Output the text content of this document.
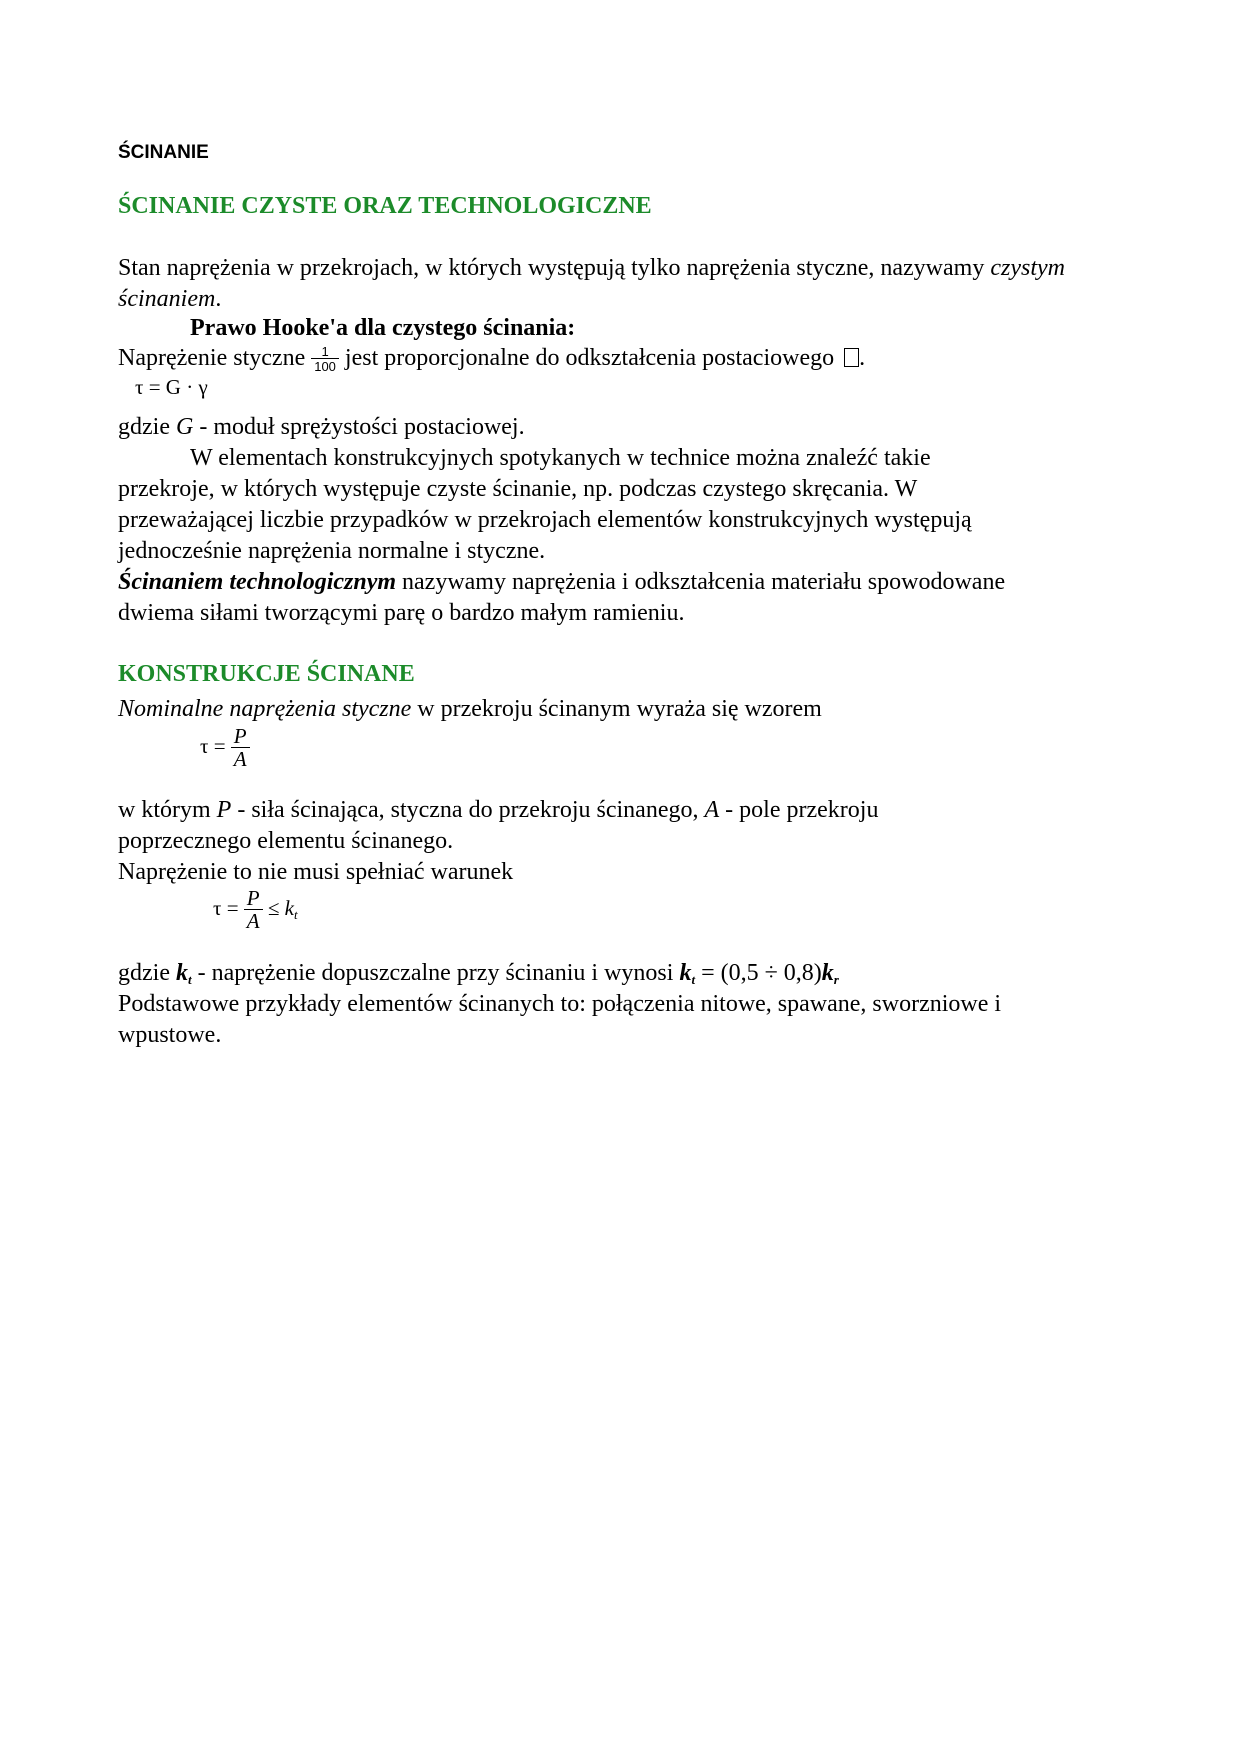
ŚCINANIE
ŚCINANIE CZYSTE ORAZ TECHNOLOGICZNE
Stan naprężenia w przekrojach, w których występują tylko naprężenia styczne, nazywamy czystym
ścinaniem.
Prawo Hooke'a dla czystego ścinania:
Naprężenie styczne $\frac{1}{100}$ jest proporcjonalne do odkształcenia postaciowego .
τ = G · γ
gdzie G - moduł sprężystości postaciowej.
W elementach konstrukcyjnych spotykanych w technice można znaleźć takie
przekroje, w których występuje czyste ścinanie, np. podczas czystego skręcania. W
przeważającej liczbie przypadków w przekrojach elementów konstrukcyjnych występują
jednocześnie naprężenia normalne i styczne.
Ścinaniem technologicznym nazywamy naprężenia i odkształcenia materiału spowodowane
dwiema siłami tworzącymi parę o bardzo małym ramieniu.
KONSTRUKCJE ŚCINANE
Nominalne naprężenia styczne w przekroju ścinanym wyraża się wzorem
$\tau = \frac{P}{A}$
w którym P - siła ścinająca, styczna do przekroju ścinanego, A - pole przekroju
poprzecznego elementu ścinanego.
Naprężenie to nie musi spełniać warunek
$\tau = \frac{P}{A} \le k_t$
gdzie $k_t$ - naprężenie dopuszczalne przy ścinaniu i wynosi $k_t = (0,5 \div 0,8)k_r$
Podstawowe przykłady elementów ścinanych to: połączenia nitowe, spawane, sworzniowe i
wpustowe.
